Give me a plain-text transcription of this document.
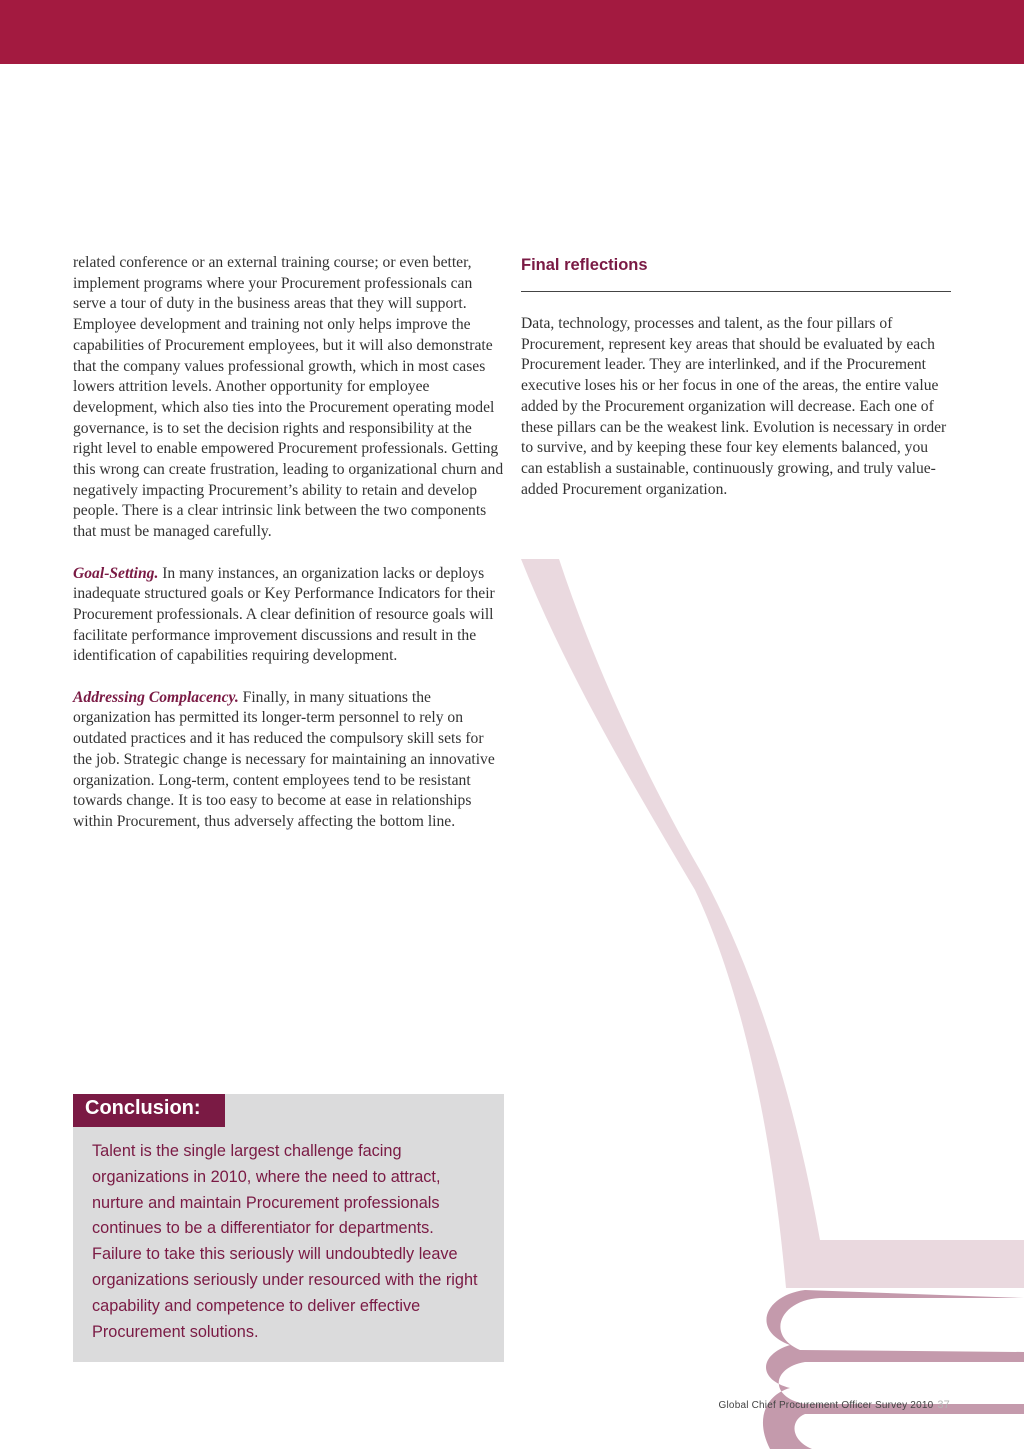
related conference or an external training course; or even better, implement programs where your Procurement professionals can serve a tour of duty in the business areas that they will support. Employee development and training not only helps improve the capabilities of Procurement employees, but it will also demonstrate that the company values professional growth, which in most cases lowers attrition levels. Another opportunity for employee development, which also ties into the Procurement operating model governance, is to set the decision rights and responsibility at the right level to enable empowered Procurement professionals. Getting this wrong can create frustration, leading to organizational churn and negatively impacting Procurement’s ability to retain and develop people. There is a clear intrinsic link between the two components that must be managed carefully.

Goal-Setting. In many instances, an organization lacks or deploys inadequate structured goals or Key Performance Indicators for their Procurement professionals. A clear definition of resource goals will facilitate performance improvement discussions and result in the identification of capabilities requiring development.

Addressing Complacency. Finally, in many situations the organization has permitted its longer-term personnel to rely on outdated practices and it has reduced the compulsory skill sets for the job. Strategic change is necessary for maintaining an innovative organization. Long-term, content employees tend to be resistant towards change. It is too easy to become at ease in relationships within Procurement, thus adversely affecting the bottom line.

Final reflections

Data, technology, processes and talent, as the four pillars of Procurement, represent key areas that should be evaluated by each Procurement leader. They are interlinked, and if the Procurement executive loses his or her focus in one of the areas, the entire value added by the Procurement organization will decrease. Each one of these pillars can be the weakest link. Evolution is necessary in order to survive, and by keeping these four key elements balanced, you can establish a sustainable, continuously growing, and truly value-added Procurement organization.

Conclusion:

Talent is the single largest challenge facing organizations in 2010, where the need to attract, nurture and maintain Procurement professionals continues to be a differentiator for departments. Failure to take this seriously will undoubtedly leave organizations seriously under resourced with the right capability and competence to deliver effective Procurement solutions.

Global Chief Procurement Officer Survey 2010 37
